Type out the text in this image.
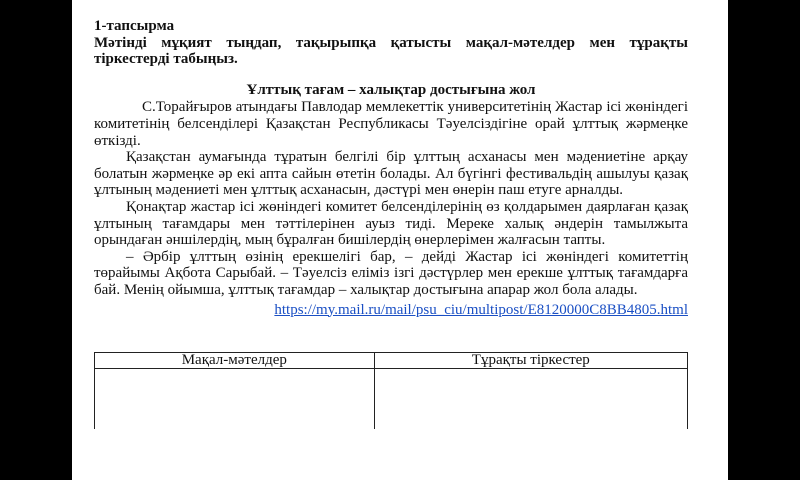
1-тапсырма

Мәтінді мұқият тыңдап, тақырыпқа қатысты мақал-мәтелдер мен тұрақты тіркестерді табыңыз.

Ұлттық тағам – халықтар достығына жол

С.Торайғыров атындағы Павлодар мемлекеттік университетінің Жастар ісі жөніндегі комитетінің белсенділері Қазақстан Республикасы Тәуелсіздігіне орай ұлттық жәрмеңке өткізді.

Қазақстан аумағында тұратын белгілі бір ұлттың асханасы мен мәдениетіне арқау болатын жәрмеңке әр екі апта сайын өтетін болады. Ал бүгінгі фестивальдің ашылуы қазақ ұлтының мәдениеті мен ұлттық асханасын, дәстүрі мен өнерін паш етуге арналды.

Қонақтар жастар ісі жөніндегі комитет белсенділерінің өз қолдарымен даярлаған қазақ ұлтының тағамдары мен тәттілерінен ауыз тиді. Мереке халық әндерін тамылжыта орындаған әншілердің, мың бұралған бишілердің өнерлерімен жалғасын тапты.

– Әрбір ұлттың өзінің ерекшелігі бар, – дейді Жастар ісі жөніндегі комитеттің төрайымы Ақбота Сарыбай. – Тәуелсіз еліміз ізгі дәстүрлер мен ерекше ұлттық тағамдарға бай. Менің ойымша, ұлттық тағамдар – халықтар достығына апарар жол бола алады.

https://my.mail.ru/mail/psu_ciu/multipost/E8120000C8BB4805.html
Мақал-мәтелдер	Тұрақты тіркестер
